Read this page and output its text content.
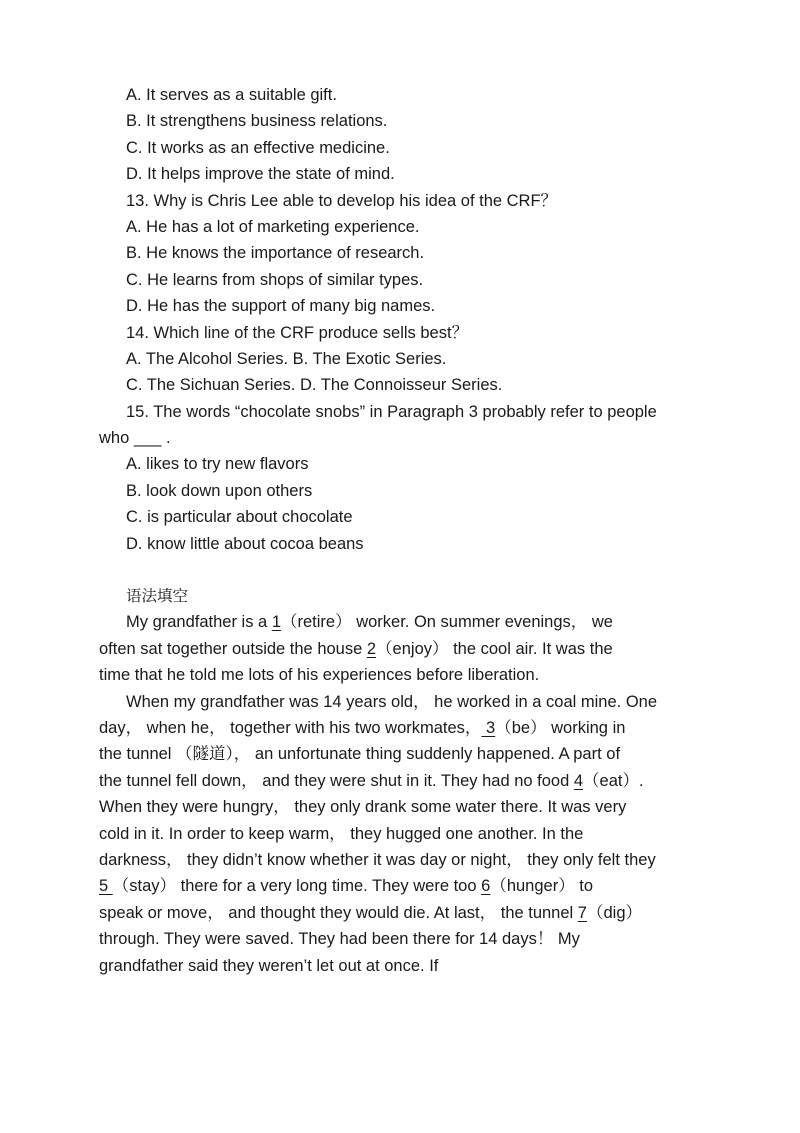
A. It serves as a suitable gift.
B. It strengthens business relations.
C. It works as an effective medicine.
D. It helps improve the state of mind.
13. Why is Chris Lee able to develop his idea of the CRF？
A. He has a lot of marketing experience.
B. He knows the importance of research.
C. He learns from shops of similar types.
D. He has the support of many big names.
14. Which line of the CRF produce sells best？
A. The Alcohol Series. B. The Exotic Series.
C. The Sichuan Series. D. The Connoisseur Series.
15. The words “chocolate snobs” in Paragraph 3 probably refer to people
who ___ .
A. likes to try new flavors
B. look down upon others
C. is particular about chocolate
D. know little about cocoa beans
语法填空
My grandfather is a 1（retire） worker. On summer evenings， we
often sat together outside the house 2（enjoy） the cool air. It was the
time that he told me lots of his experiences before liberation.
When my grandfather was 14 years old， he worked in a coal mine. One
day， when he， together with his two workmates， 3（be） working in
the tunnel （隧道）， an unfortunate thing suddenly happened. A part of
the tunnel fell down， and they were shut in it. They had no food 4（eat）.
When they were hungry， they only drank some water there. It was very
cold in it. In order to keep warm， they hugged one another. In the
darkness， they didn’t know whether it was day or night， they only felt they
5 （stay） there for a very long time. They were too 6（hunger） to
speak or move， and thought they would die. At last， the tunnel 7（dig）
through. They were saved. They had been there for 14 days！ My
grandfather said they weren’t let out at once. If
